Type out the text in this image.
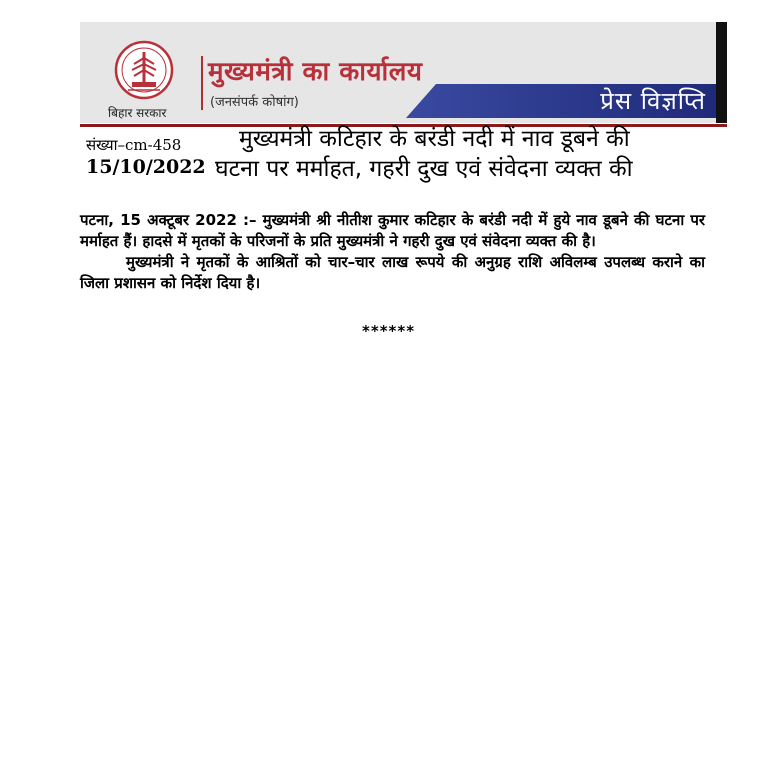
बिहार सरकार
मुख्यमंत्री का कार्यालय
(जनसंपर्क कोषांग)	प्रेस विज्ञप्ति
संख्या–cm-458
15/10/2022
मुख्यमंत्री कटिहार के बरंडी नदी में नाव डूबने की
घटना पर मर्माहत, गहरी दुख एवं संवेदना व्यक्त की

पटना, 15 अक्टूबर 2022 :– मुख्यमंत्री श्री नीतीश कुमार कटिहार के बरंडी नदी में हुये नाव डूबने की घटना पर मर्माहत हैं। हादसे में मृतकों के परिजनों के प्रति मुख्यमंत्री ने गहरी दुख एवं संवेदना व्यक्त की है।

मुख्यमंत्री ने मृतकों के आश्रितों को चार–चार लाख रूपये की अनुग्रह राशि अविलम्ब उपलब्ध कराने का जिला प्रशासन को निर्देश दिया है।

******
